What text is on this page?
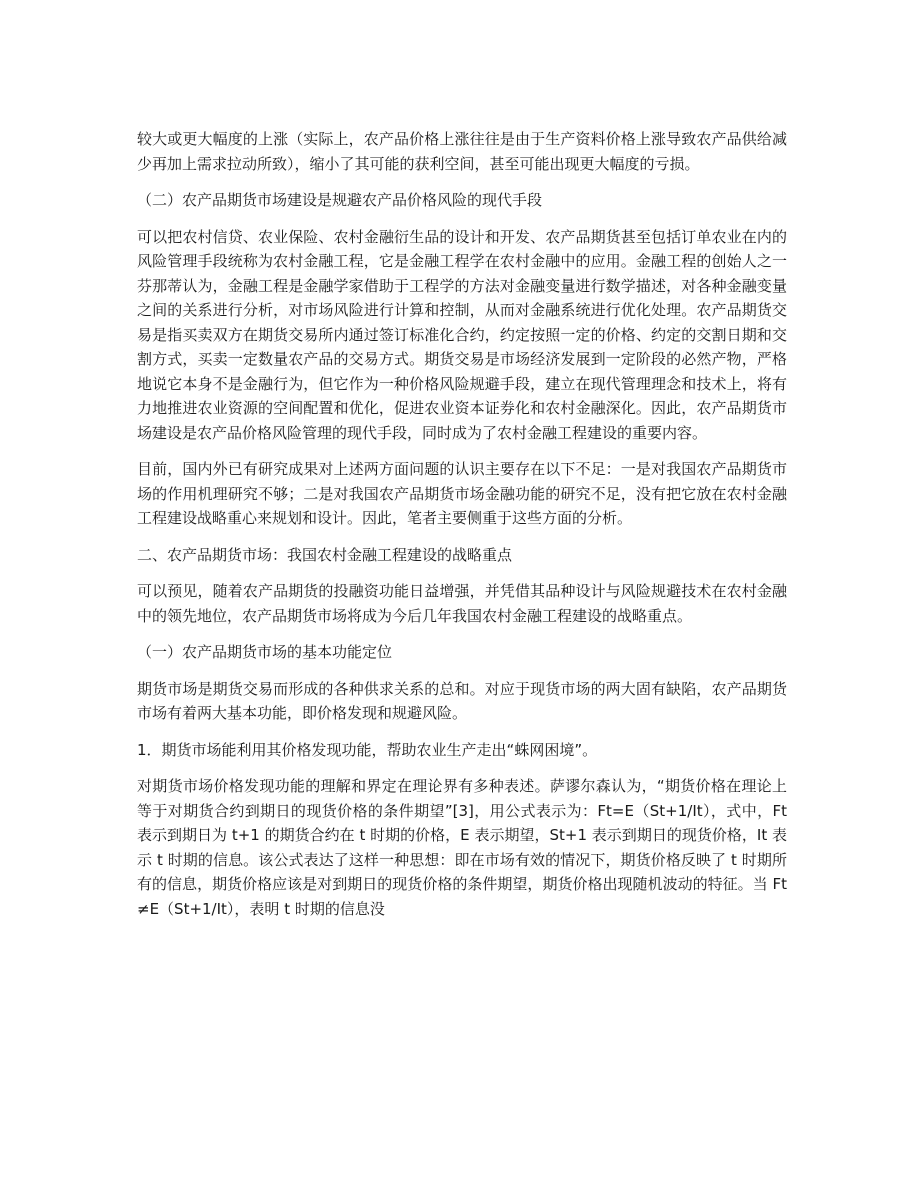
较大或更大幅度的上涨（实际上，农产品价格上涨往往是由于生产资料价格上涨导致农产品供给减少再加上需求拉动所致），缩小了其可能的获利空间，甚至可能出现更大幅度的亏损。

（二）农产品期货市场建设是规避农产品价格风险的现代手段

可以把农村信贷、农业保险、农村金融衍生品的设计和开发、农产品期货甚至包括订单农业在内的风险管理手段统称为农村金融工程，它是金融工程学在农村金融中的应用。金融工程的创始人之一芬那蒂认为，金融工程是金融学家借助于工程学的方法对金融变量进行数学描述，对各种金融变量之间的关系进行分析，对市场风险进行计算和控制，从而对金融系统进行优化处理。农产品期货交易是指买卖双方在期货交易所内通过签订标准化合约，约定按照一定的价格、约定的交割日期和交割方式，买卖一定数量农产品的交易方式。期货交易是市场经济发展到一定阶段的必然产物，严格地说它本身不是金融行为，但它作为一种价格风险规避手段，建立在现代管理理念和技术上，将有力地推进农业资源的空间配置和优化，促进农业资本证券化和农村金融深化。因此，农产品期货市场建设是农产品价格风险管理的现代手段，同时成为了农村金融工程建设的重要内容。

目前，国内外已有研究成果对上述两方面问题的认识主要存在以下不足：一是对我国农产品期货市场的作用机理研究不够；二是对我国农产品期货市场金融功能的研究不足，没有把它放在农村金融工程建设战略重心来规划和设计。因此，笔者主要侧重于这些方面的分析。

二、农产品期货市场：我国农村金融工程建设的战略重点

可以预见，随着农产品期货的投融资功能日益增强，并凭借其品种设计与风险规避技术在农村金融中的领先地位，农产品期货市场将成为今后几年我国农村金融工程建设的战略重点。

（一）农产品期货市场的基本功能定位

期货市场是期货交易而形成的各种供求关系的总和。对应于现货市场的两大固有缺陷，农产品期货市场有着两大基本功能，即价格发现和规避风险。

1．期货市场能利用其价格发现功能，帮助农业生产走出“蛛网困境”。

对期货市场价格发现功能的理解和界定在理论界有多种表述。萨谬尔森认为，“期货价格在理论上等于对期货合约到期日的现货价格的条件期望”[3]，用公式表示为：Ft=E（St+1/It），式中，Ft 表示到期日为 t+1 的期货合约在 t 时期的价格，E 表示期望，St+1 表示到期日的现货价格，It 表示 t 时期的信息。该公式表达了这样一种思想：即在市场有效的情况下，期货价格反映了 t 时期所有的信息，期货价格应该是对到期日的现货价格的条件期望，期货价格出现随机波动的特征。当 Ft≠E（St+1/It），表明 t 时期的信息没
